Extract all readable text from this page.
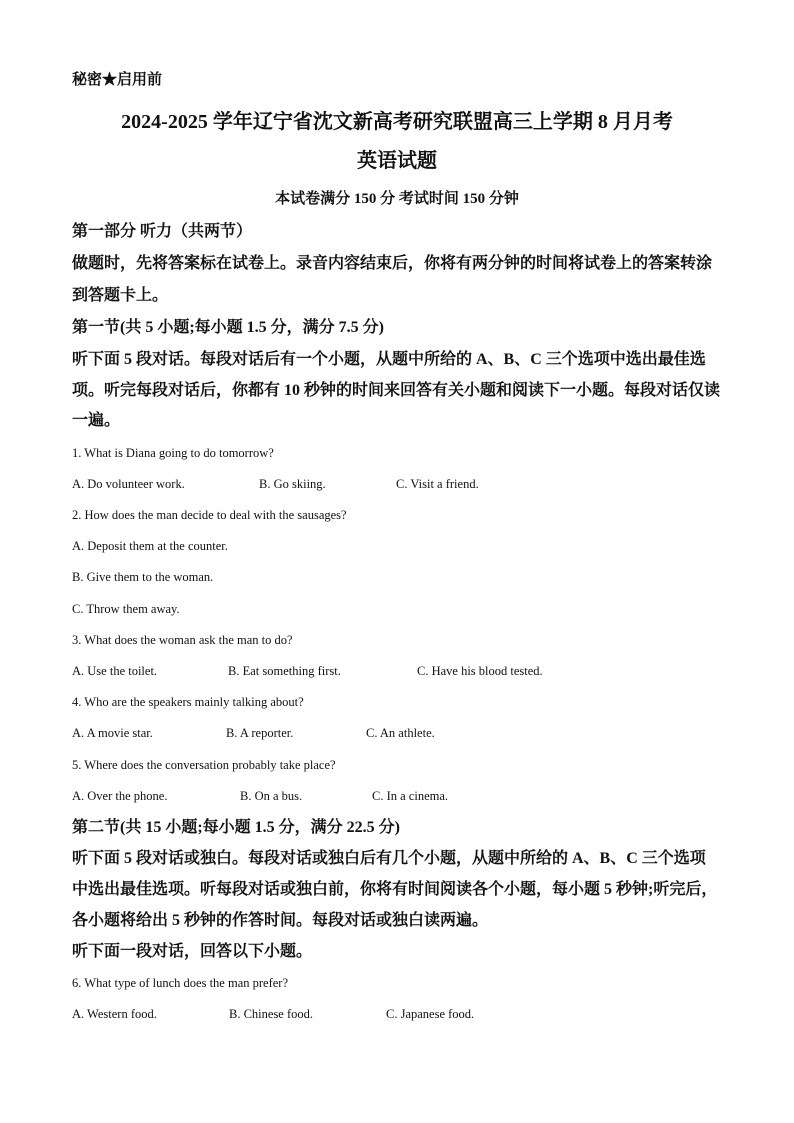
秘密★启用前
2024-2025 学年辽宁省沈文新高考研究联盟高三上学期 8 月月考
英语试题
本试卷满分 150 分 考试时间 150 分钟
第一部分 听力（共两节）
做题时，先将答案标在试卷上。录音内容结束后，你将有两分钟的时间将试卷上的答案转涂
到答题卡上。
第一节(共 5 小题;每小题 1.5 分，满分 7.5 分)
听下面 5 段对话。每段对话后有一个小题，从题中所给的 A、B、C 三个选项中选出最佳选
项。听完每段对话后，你都有 10 秒钟的时间来回答有关小题和阅读下一小题。每段对话仅读
一遍。
1. What is Diana going to do tomorrow?
A. Do volunteer work.	B. Go skiing.	C. Visit a friend.
2. How does the man decide to deal with the sausages?
A. Deposit them at the counter.
B. Give them to the woman.
C. Throw them away.
3. What does the woman ask the man to do?
A. Use the toilet.	B. Eat something first.	C. Have his blood tested.
4. Who are the speakers mainly talking about?
A. A movie star.	B. A reporter.	C. An athlete.
5. Where does the conversation probably take place?
A. Over the phone.	B. On a bus.	C. In a cinema.
第二节(共 15 小题;每小题 1.5 分，满分 22.5 分)
听下面 5 段对话或独白。每段对话或独白后有几个小题，从题中所给的 A、B、C 三个选项
中选出最佳选项。听每段对话或独白前，你将有时间阅读各个小题，每小题 5 秒钟;听完后，
各小题将给出 5 秒钟的作答时间。每段对话或独白读两遍。
听下面一段对话，回答以下小题。
6. What type of lunch does the man prefer?
A. Western food.	B. Chinese food.	C. Japanese food.
